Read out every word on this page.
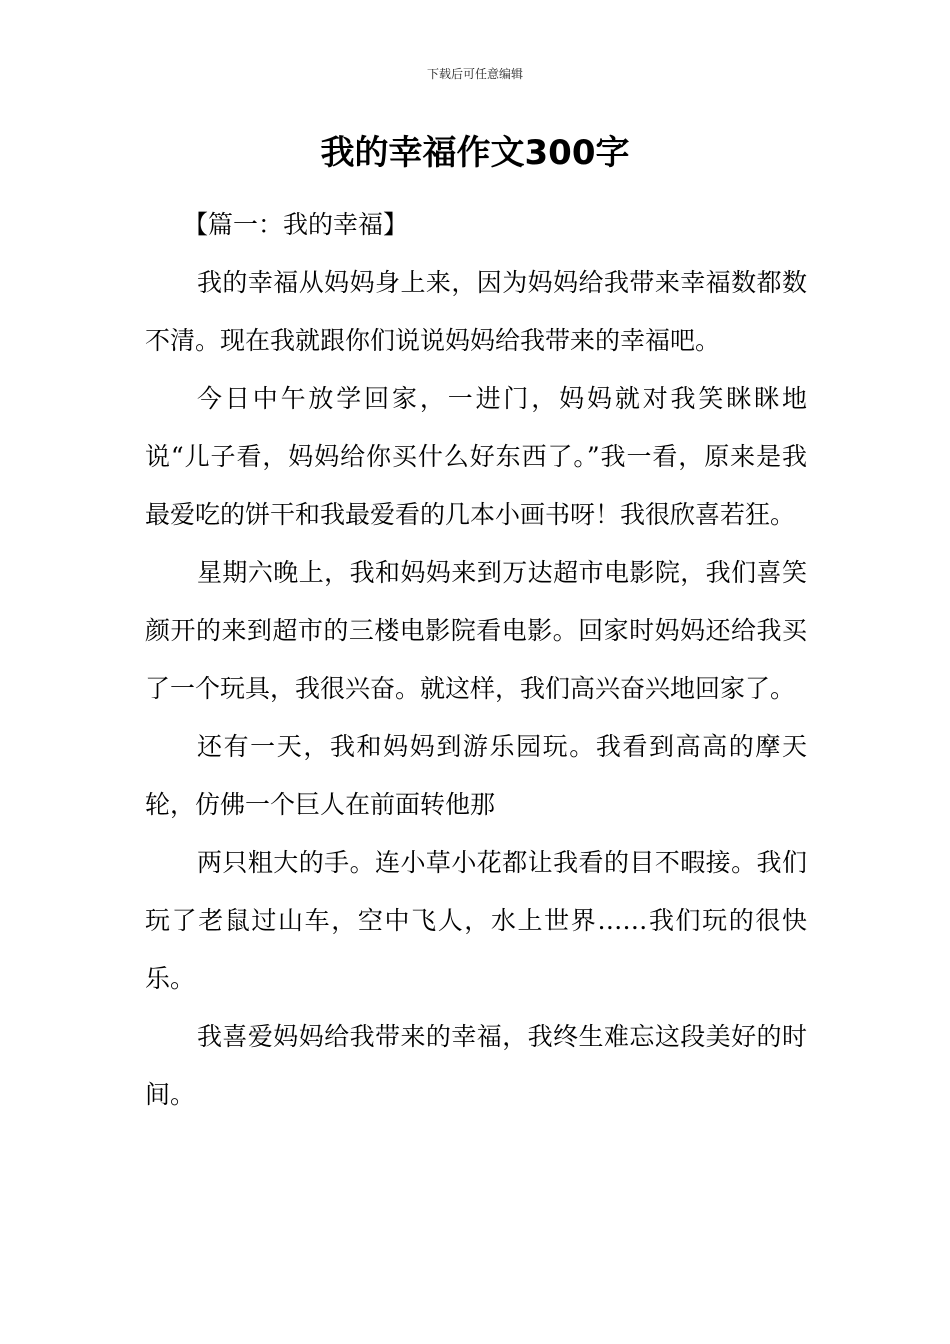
下载后可任意编辑
我的幸福作文300字

【篇一：我的幸福】

我的幸福从妈妈身上来，因为妈妈给我带来幸福数都数不清。现在我就跟你们说说妈妈给我带来的幸福吧。

今日中午放学回家，一进门，妈妈就对我笑眯眯地说“儿子看，妈妈给你买什么好东西了。”我一看，原来是我最爱吃的饼干和我最爱看的几本小画书呀！我很欣喜若狂。

星期六晚上，我和妈妈来到万达超市电影院，我们喜笑颜开的来到超市的三楼电影院看电影。回家时妈妈还给我买了一个玩具，我很兴奋。就这样，我们高兴奋兴地回家了。

还有一天，我和妈妈到游乐园玩。我看到高高的摩天轮，仿佛一个巨人在前面转他那

两只粗大的手。连小草小花都让我看的目不暇接。我们玩了老鼠过山车，空中飞人，水上世界……我们玩的很快乐。

我喜爱妈妈给我带来的幸福，我终生难忘这段美好的时间。
